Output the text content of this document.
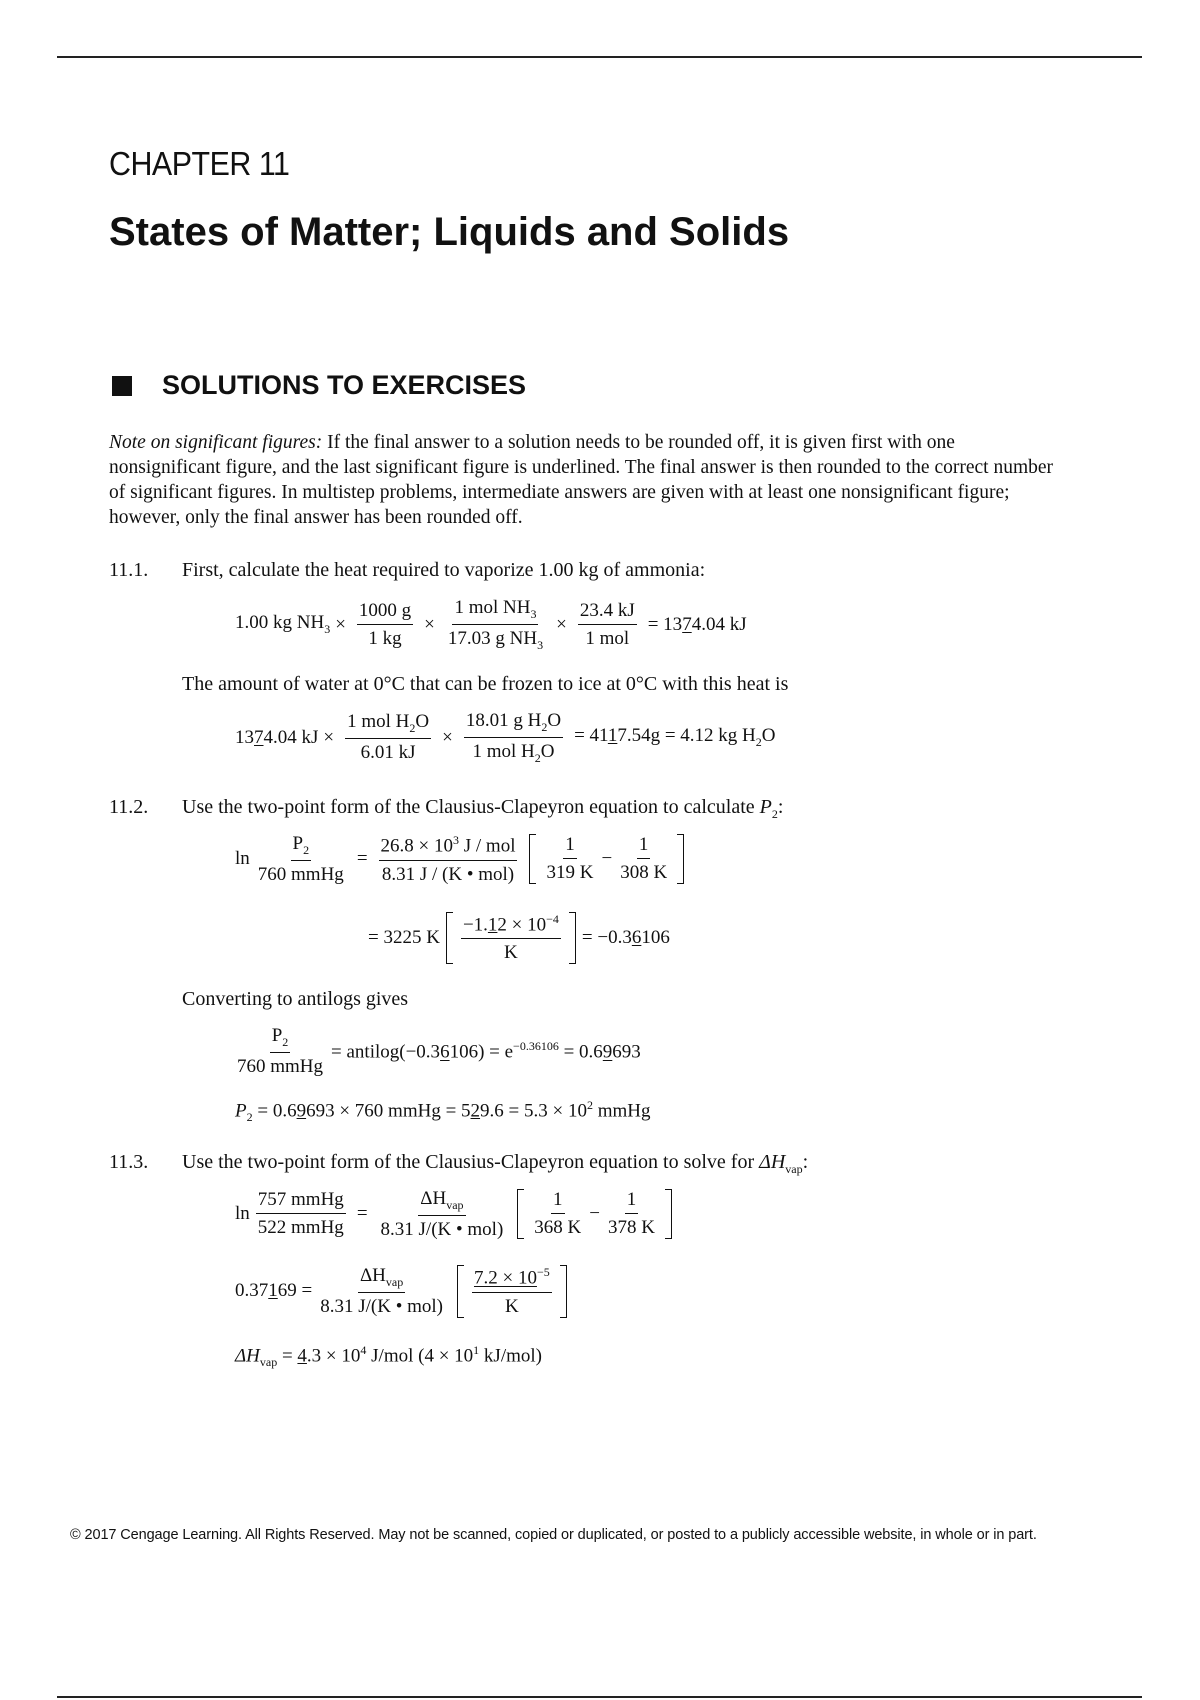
CHAPTER 11
States of Matter; Liquids and Solids
SOLUTIONS TO EXERCISES
Note on significant figures: If the final answer to a solution needs to be rounded off, it is given first with one nonsignificant figure, and the last significant figure is underlined. The final answer is then rounded to the correct number of significant figures. In multistep problems, intermediate answers are given with at least one nonsignificant figure; however, only the final answer has been rounded off.
11.1. First, calculate the heat required to vaporize 1.00 kg of ammonia:
1.00 kg $NH_3 \times \frac{1000 g}{1 kg} \times \frac{1 mol NH_3}{17.03 g NH_3} \times \frac{23.4 kJ}{\text{1 mol}} = 1374.04$ kJ
The amount of water at 0°C that can be frozen to ice at 0°C with this heat is
1374.04 kJ × $\frac{1 mol H_2O}{6.01 kJ} \times \frac{18.01 g H_2O}{1 mol H_2O} = 4117.54g = 4.12$ kg $H_2O$
11.2. Use the two-point form of the Clausius-Clapeyron equation to calculate $P_2$:
$\ln \frac{P_2}{\text{760 mmHg}} = \frac{26.8 \times 10^3 J / mol}{\text{8.31 J / (K • mol)}} \frac{1}{319 K} - \frac{1}{308 K}$
= 3225 K $\frac{-1.12 \times 10^{-4}}{K} = -0.36106$
Converting to antilogs gives
$\frac{P_2}{\text{760 mmHg}}$ = antilog(−0.36106) = $e^{-0.36106} = 0.69693$
$P_2 = 0.69693 \times 760$ mmHg = $529.6 = 5.3 \times 10^2$ mmHg
11.3. Use the two-point form of the Clausius-Clapeyron equation to solve for $\Delta H_{vap}$:
$\ln \frac{\text{757 mmHg}}{\text{522 mmHg}} = \frac{\Delta H_{vap}}{\text{8.31 J/(K • mol)}} \frac{1}{368 K} - \frac{1}{378 K}$
$0.37169 = \frac{\Delta H_{vap}}{\text{8.31 J/(K • mol)}} \frac{7.2 \times 10^{-5}}{K}$
$\Delta H_{vap} = 4.3 \times 10^4$ J/mol ($4 \times 10^1$ kJ/mol)
© 2017 Cengage Learning. All Rights Reserved. May not be scanned, copied or duplicated, or posted to a publicly accessible website, in whole or in part.
